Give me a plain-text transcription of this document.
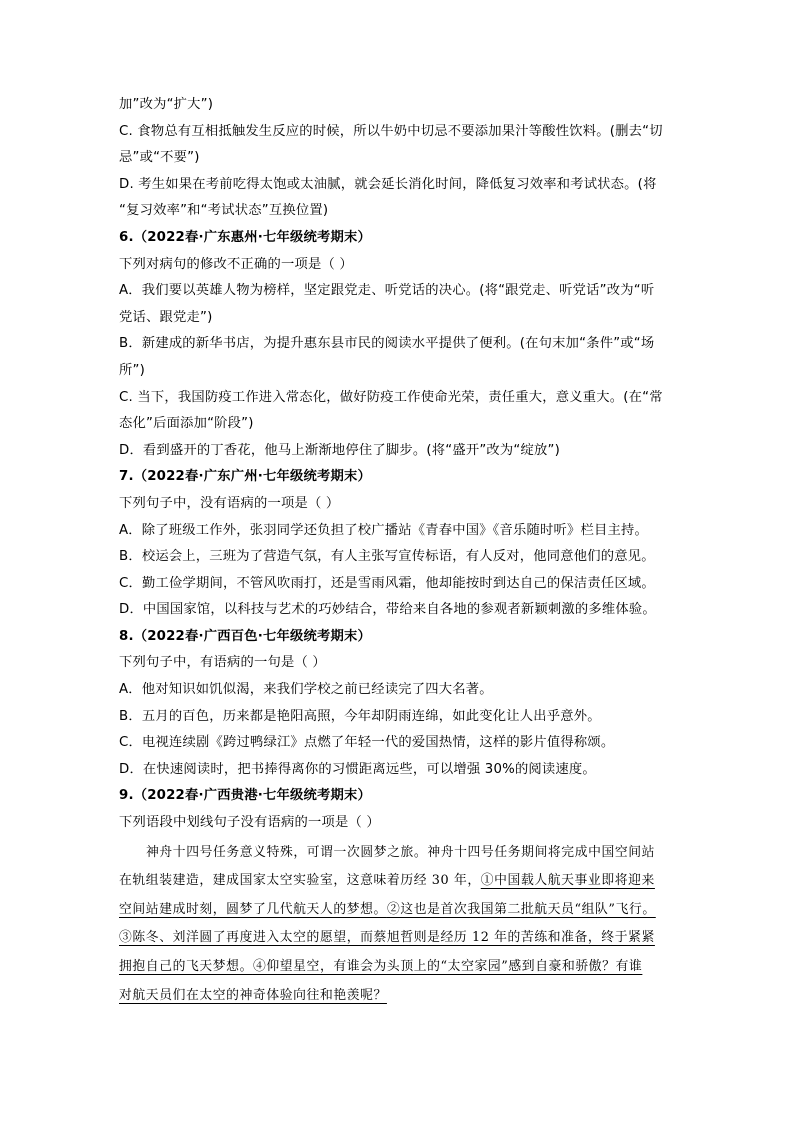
加”改为“扩大”)
C. 食物总有互相抵触发生反应的时候，所以牛奶中切忌不要添加果汁等酸性饮料。(删去“切
忌”或“不要”)
D. 考生如果在考前吃得太饱或太油腻，就会延长消化时间，降低复习效率和考试状态。(将
“复习效率”和“考试状态”互换位置)
6.（2022春·广东惠州·七年级统考期末）
下列对病句的修改不正确的一项是（ ）
A．我们要以英雄人物为榜样，坚定跟党走、听党话的决心。(将“跟党走、听党话”改为“听
党话、跟党走”)
B．新建成的新华书店，为提升惠东县市民的阅读水平提供了便利。(在句末加“条件”或“场
所”)
C. 当下，我国防疫工作进入常态化，做好防疫工作使命光荣，责任重大，意义重大。(在“常
态化”后面添加“阶段”)
D．看到盛开的丁香花，他马上渐渐地停住了脚步。(将“盛开”改为“绽放”)
7.（2022春·广东广州·七年级统考期末）
下列句子中，没有语病的一项是（ ）
A．除了班级工作外，张羽同学还负担了校广播站《青春中国》《音乐随时听》栏目主持。
B．校运会上，三班为了营造气氛，有人主张写宣传标语，有人反对，他同意他们的意见。
C．勤工俭学期间，不管风吹雨打，还是雪雨风霜，他却能按时到达自己的保洁责任区域。
D．中国国家馆，以科技与艺术的巧妙结合，带给来自各地的参观者新颖刺激的多维体验。
8.（2022春·广西百色·七年级统考期末）
下列句子中，有语病的一句是（ ）
A．他对知识如饥似渴，来我们学校之前已经读完了四大名著。
B．五月的百色，历来都是艳阳高照，今年却阴雨连绵，如此变化让人出乎意外。
C．电视连续剧《跨过鸭绿江》点燃了年轻一代的爱国热情，这样的影片值得称颂。
D．在快速阅读时，把书捧得离你的习惯距离远些，可以增强 30%的阅读速度。
9.（2022春·广西贵港·七年级统考期末）
下列语段中划线句子没有语病的一项是（ ）
神舟十四号任务意义特殊，可谓一次圆梦之旅。神舟十四号任务期间将完成中国空间站
在轨组装建造，建成国家太空实验室，这意味着历经 30 年，①中国载人航天事业即将迎来
空间站建成时刻，圆梦了几代航天人的梦想。②这也是首次我国第二批航天员“组队”飞行。
③陈冬、刘洋圆了再度进入太空的愿望，而蔡旭哲则是经历 12 年的苦练和准备，终于紧紧
拥抱自己的飞天梦想。④仰望星空，有谁会为头顶上的“太空家园”感到自豪和骄傲？有谁
对航天员们在太空的神奇体验向往和艳羡呢？
